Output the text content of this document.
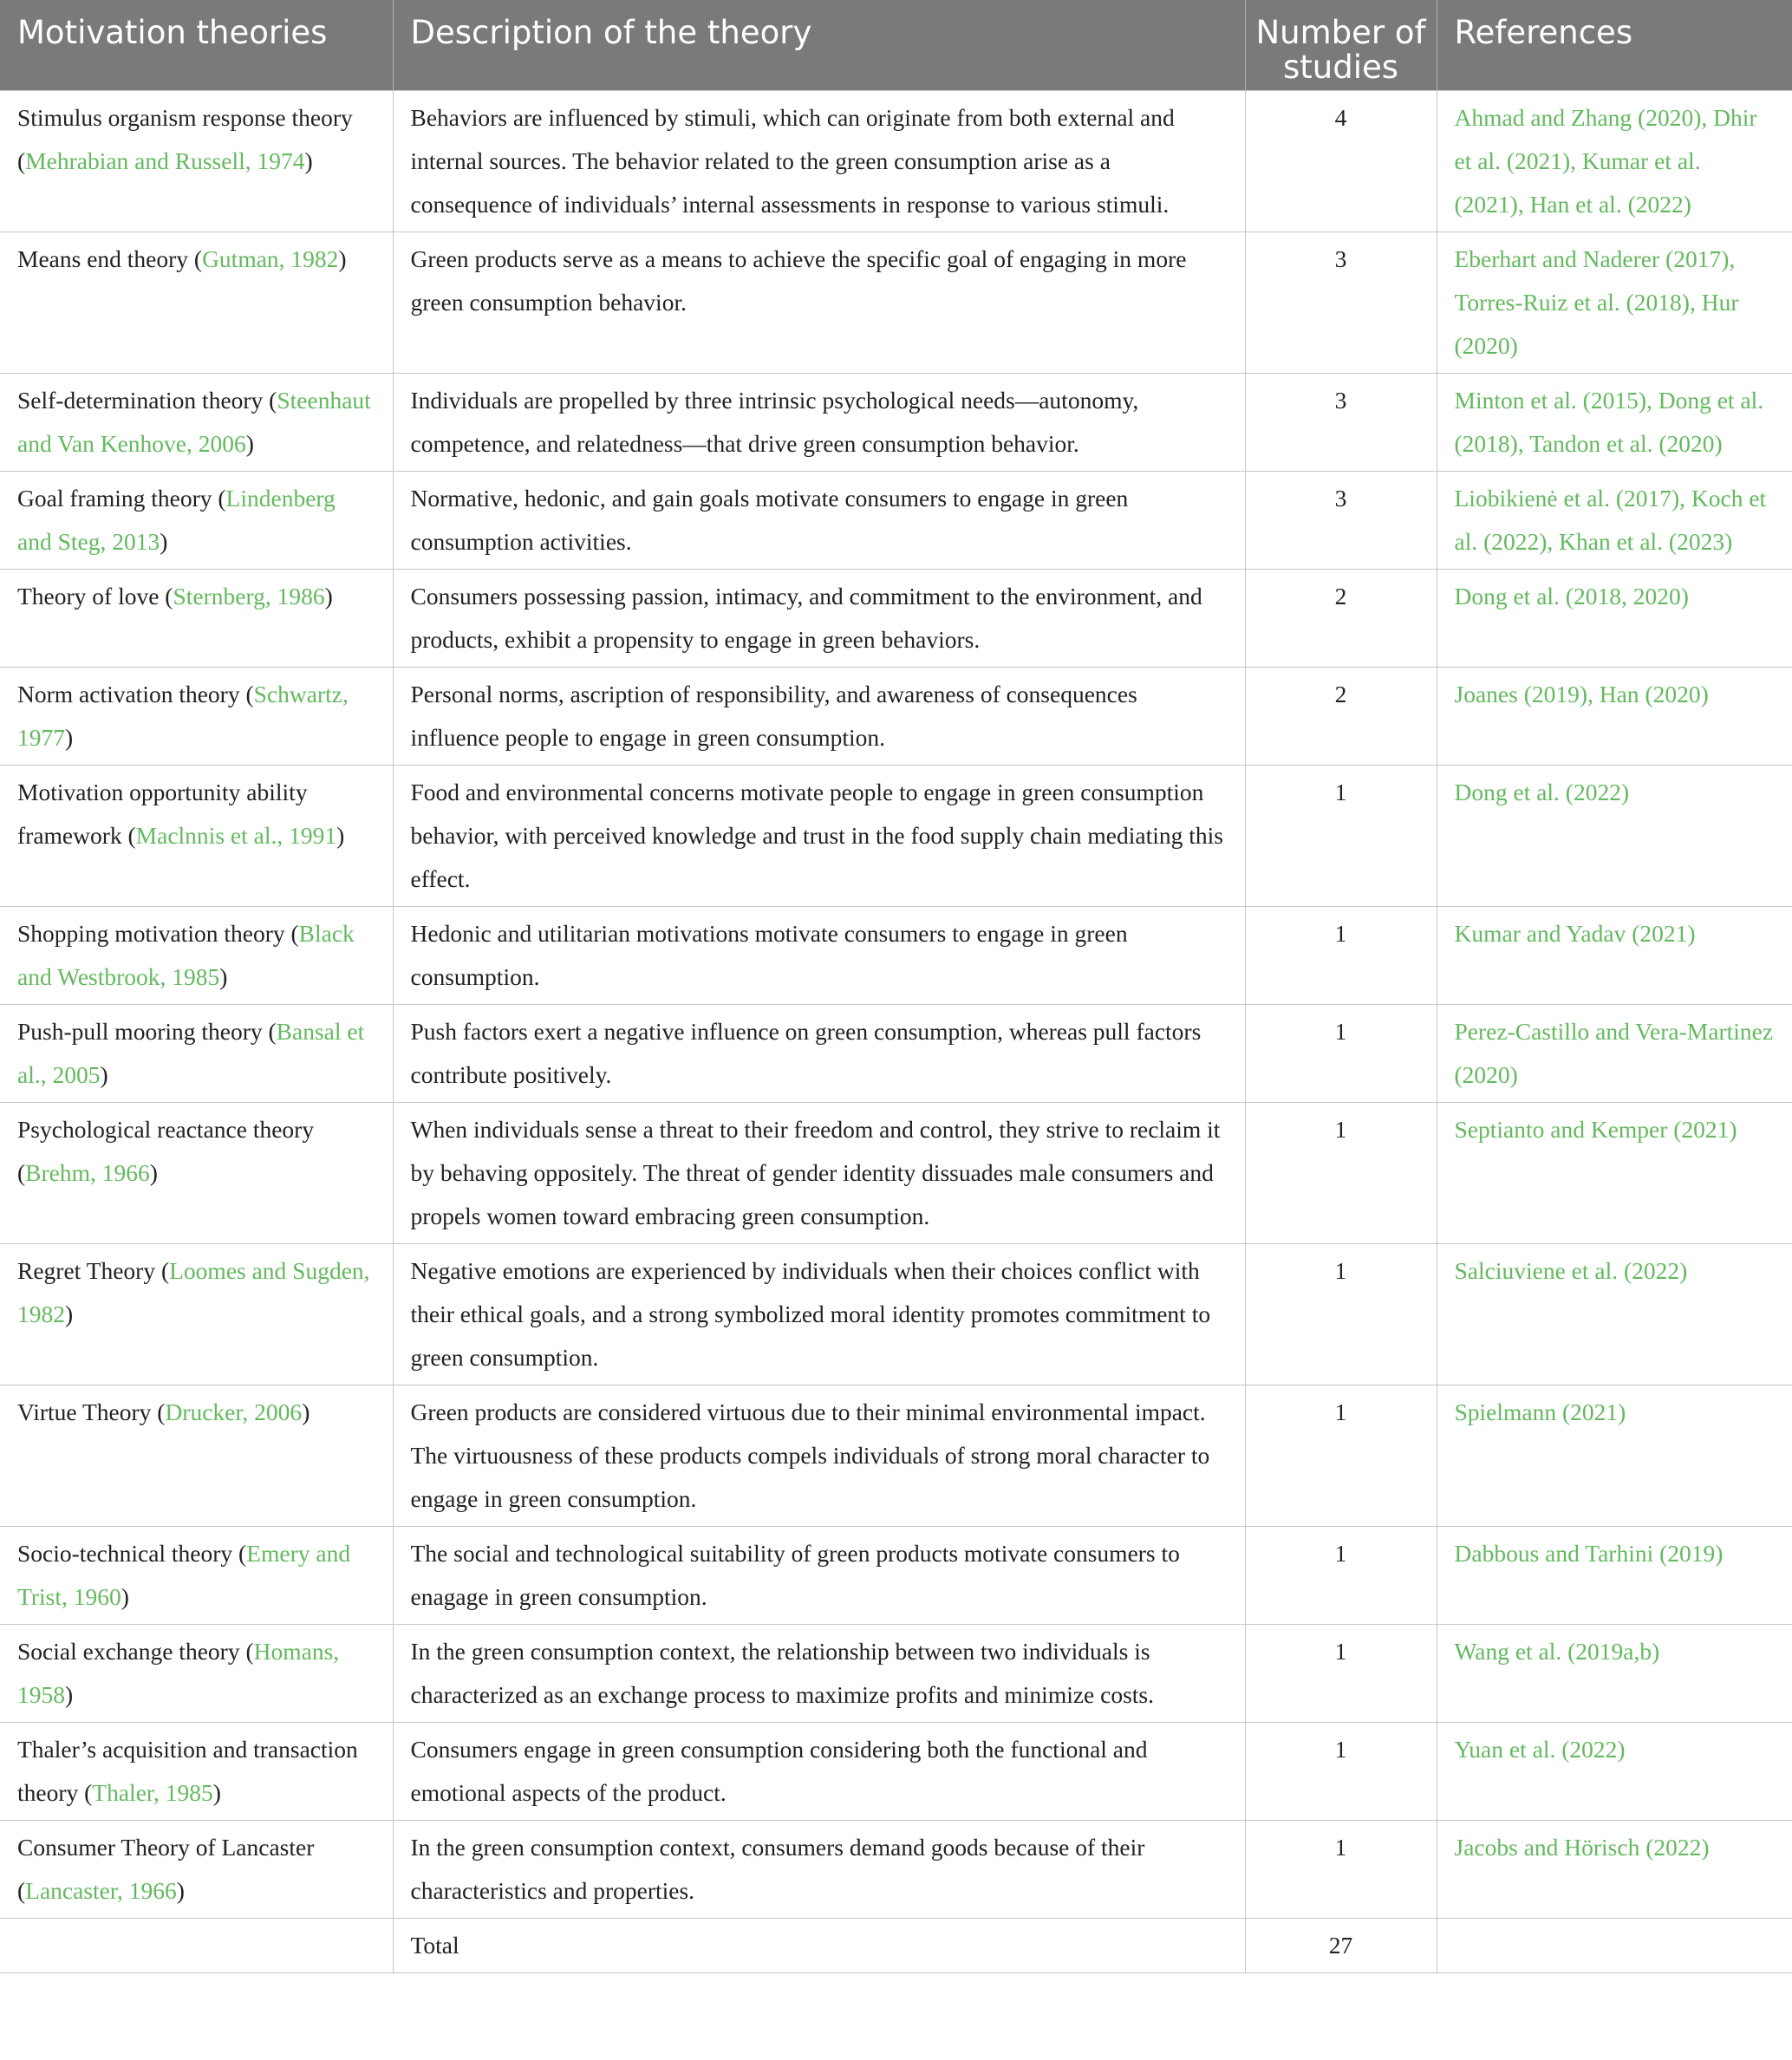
Motivation theories	Description of the theory	Number of studies	References
Stimulus organism response theory (Mehrabian and Russell, 1974)	Behaviors are influenced by stimuli, which can originate from both external and internal sources. The behavior related to the green consumption arise as a consequence of individuals’ internal assessments in response to various stimuli.	4	Ahmad and Zhang (2020), Dhir et al. (2021), Kumar et al. (2021), Han et al. (2022)
Means end theory (Gutman, 1982)	Green products serve as a means to achieve the specific goal of engaging in more green consumption behavior.	3	Eberhart and Naderer (2017), Torres-Ruiz et al. (2018), Hur (2020)
Self-determination theory (Steenhaut and Van Kenhove, 2006)	Individuals are propelled by three intrinsic psychological needs—autonomy, competence, and relatedness—that drive green consumption behavior.	3	Minton et al. (2015), Dong et al. (2018), Tandon et al. (2020)
Goal framing theory (Lindenberg and Steg, 2013)	Normative, hedonic, and gain goals motivate consumers to engage in green consumption activities.	3	Liobikienė et al. (2017), Koch et al. (2022), Khan et al. (2023)
Theory of love (Sternberg, 1986)	Consumers possessing passion, intimacy, and commitment to the environment, and products, exhibit a propensity to engage in green behaviors.	2	Dong et al. (2018, 2020)
Norm activation theory (Schwartz, 1977)	Personal norms, ascription of responsibility, and awareness of consequences influence people to engage in green consumption.	2	Joanes (2019), Han (2020)
Motivation opportunity ability framework (Maclnnis et al., 1991)	Food and environmental concerns motivate people to engage in green consumption behavior, with perceived knowledge and trust in the food supply chain mediating this effect.	1	Dong et al. (2022)
Shopping motivation theory (Black and Westbrook, 1985)	Hedonic and utilitarian motivations motivate consumers to engage in green consumption.	1	Kumar and Yadav (2021)
Push-pull mooring theory (Bansal et al., 2005)	Push factors exert a negative influence on green consumption, whereas pull factors contribute positively.	1	Perez-Castillo and Vera-Martinez (2020)
Psychological reactance theory (Brehm, 1966)	When individuals sense a threat to their freedom and control, they strive to reclaim it by behaving oppositely. The threat of gender identity dissuades male consumers and propels women toward embracing green consumption.	1	Septianto and Kemper (2021)
Regret Theory (Loomes and Sugden, 1982)	Negative emotions are experienced by individuals when their choices conflict with their ethical goals, and a strong symbolized moral identity promotes commitment to green consumption.	1	Salciuviene et al. (2022)
Virtue Theory (Drucker, 2006)	Green products are considered virtuous due to their minimal environmental impact. The virtuousness of these products compels individuals of strong moral character to engage in green consumption.	1	Spielmann (2021)
Socio-technical theory (Emery and Trist, 1960)	The social and technological suitability of green products motivate consumers to enagage in green consumption.	1	Dabbous and Tarhini (2019)
Social exchange theory (Homans, 1958)	In the green consumption context, the relationship between two individuals is characterized as an exchange process to maximize profits and minimize costs.	1	Wang et al. (2019a,b)
Thaler’s acquisition and transaction theory (Thaler, 1985)	Consumers engage in green consumption considering both the functional and emotional aspects of the product.	1	Yuan et al. (2022)
Consumer Theory of Lancaster (Lancaster, 1966)	In the green consumption context, consumers demand goods because of their characteristics and properties.	1	Jacobs and Hörisch (2022)
	Total	27	
